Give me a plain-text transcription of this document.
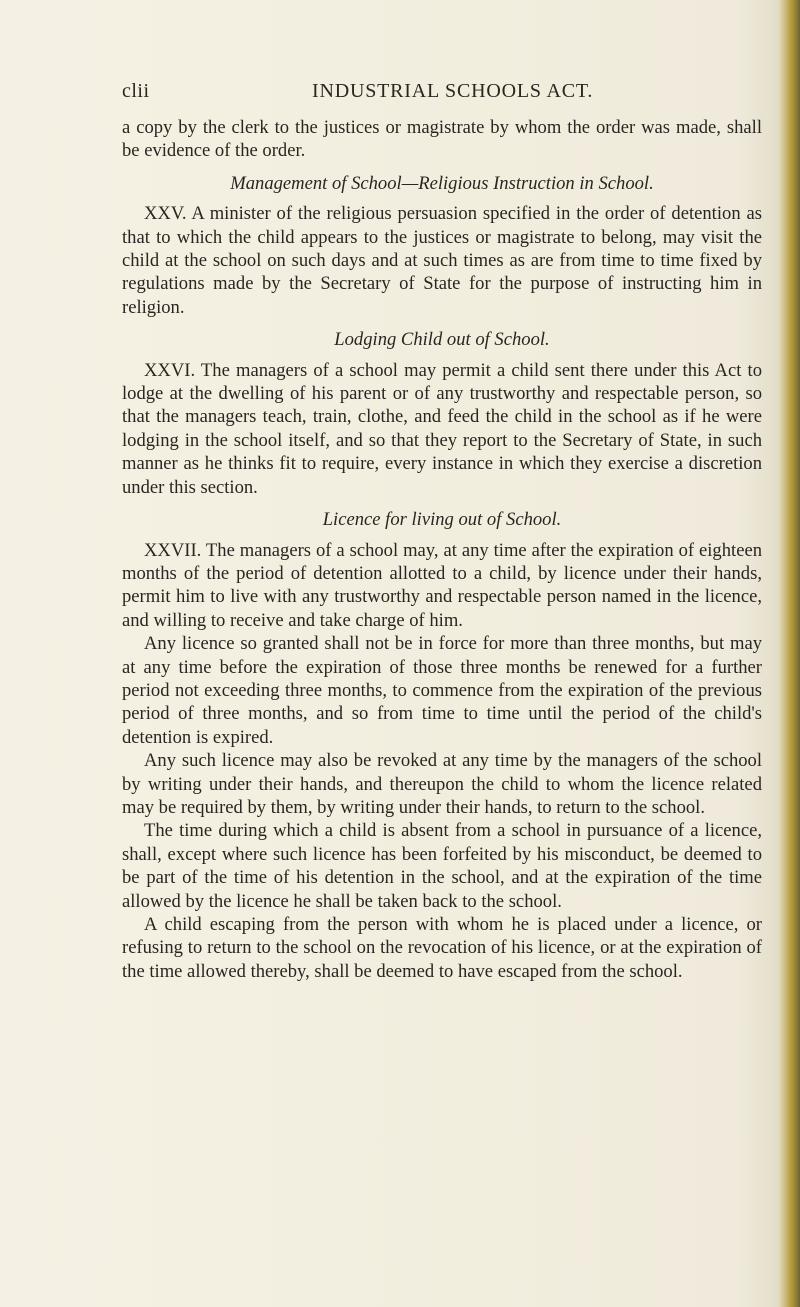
clii	INDUSTRIAL SCHOOLS ACT.

a copy by the clerk to the justices or magistrate by whom the order was made, shall be evidence of the order.

Management of School—Religious Instruction in School.

XXV. A minister of the religious persuasion specified in the order of detention as that to which the child appears to the justices or magistrate to belong, may visit the child at the school on such days and at such times as are from time to time fixed by regulations made by the Secretary of State for the purpose of instructing him in religion.

Lodging Child out of School.

XXVI. The managers of a school may permit a child sent there under this Act to lodge at the dwelling of his parent or of any trustworthy and respectable person, so that the managers teach, train, clothe, and feed the child in the school as if he were lodging in the school itself, and so that they report to the Secretary of State, in such manner as he thinks fit to require, every instance in which they exercise a discretion under this section.

Licence for living out of School.

XXVII. The managers of a school may, at any time after the expiration of eighteen months of the period of detention allotted to a child, by licence under their hands, permit him to live with any trustworthy and respectable person named in the licence, and willing to receive and take charge of him.

Any licence so granted shall not be in force for more than three months, but may at any time before the expiration of those three months be renewed for a further period not exceeding three months, to commence from the expiration of the previous period of three months, and so from time to time until the period of the child's detention is expired.

Any such licence may also be revoked at any time by the managers of the school by writing under their hands, and thereupon the child to whom the licence related may be required by them, by writing under their hands, to return to the school.

The time during which a child is absent from a school in pursuance of a licence, shall, except where such licence has been forfeited by his misconduct, be deemed to be part of the time of his detention in the school, and at the expiration of the time allowed by the licence he shall be taken back to the school.

A child escaping from the person with whom he is placed under a licence, or refusing to return to the school on the revocation of his licence, or at the expiration of the time allowed thereby, shall be deemed to have escaped from the school.
